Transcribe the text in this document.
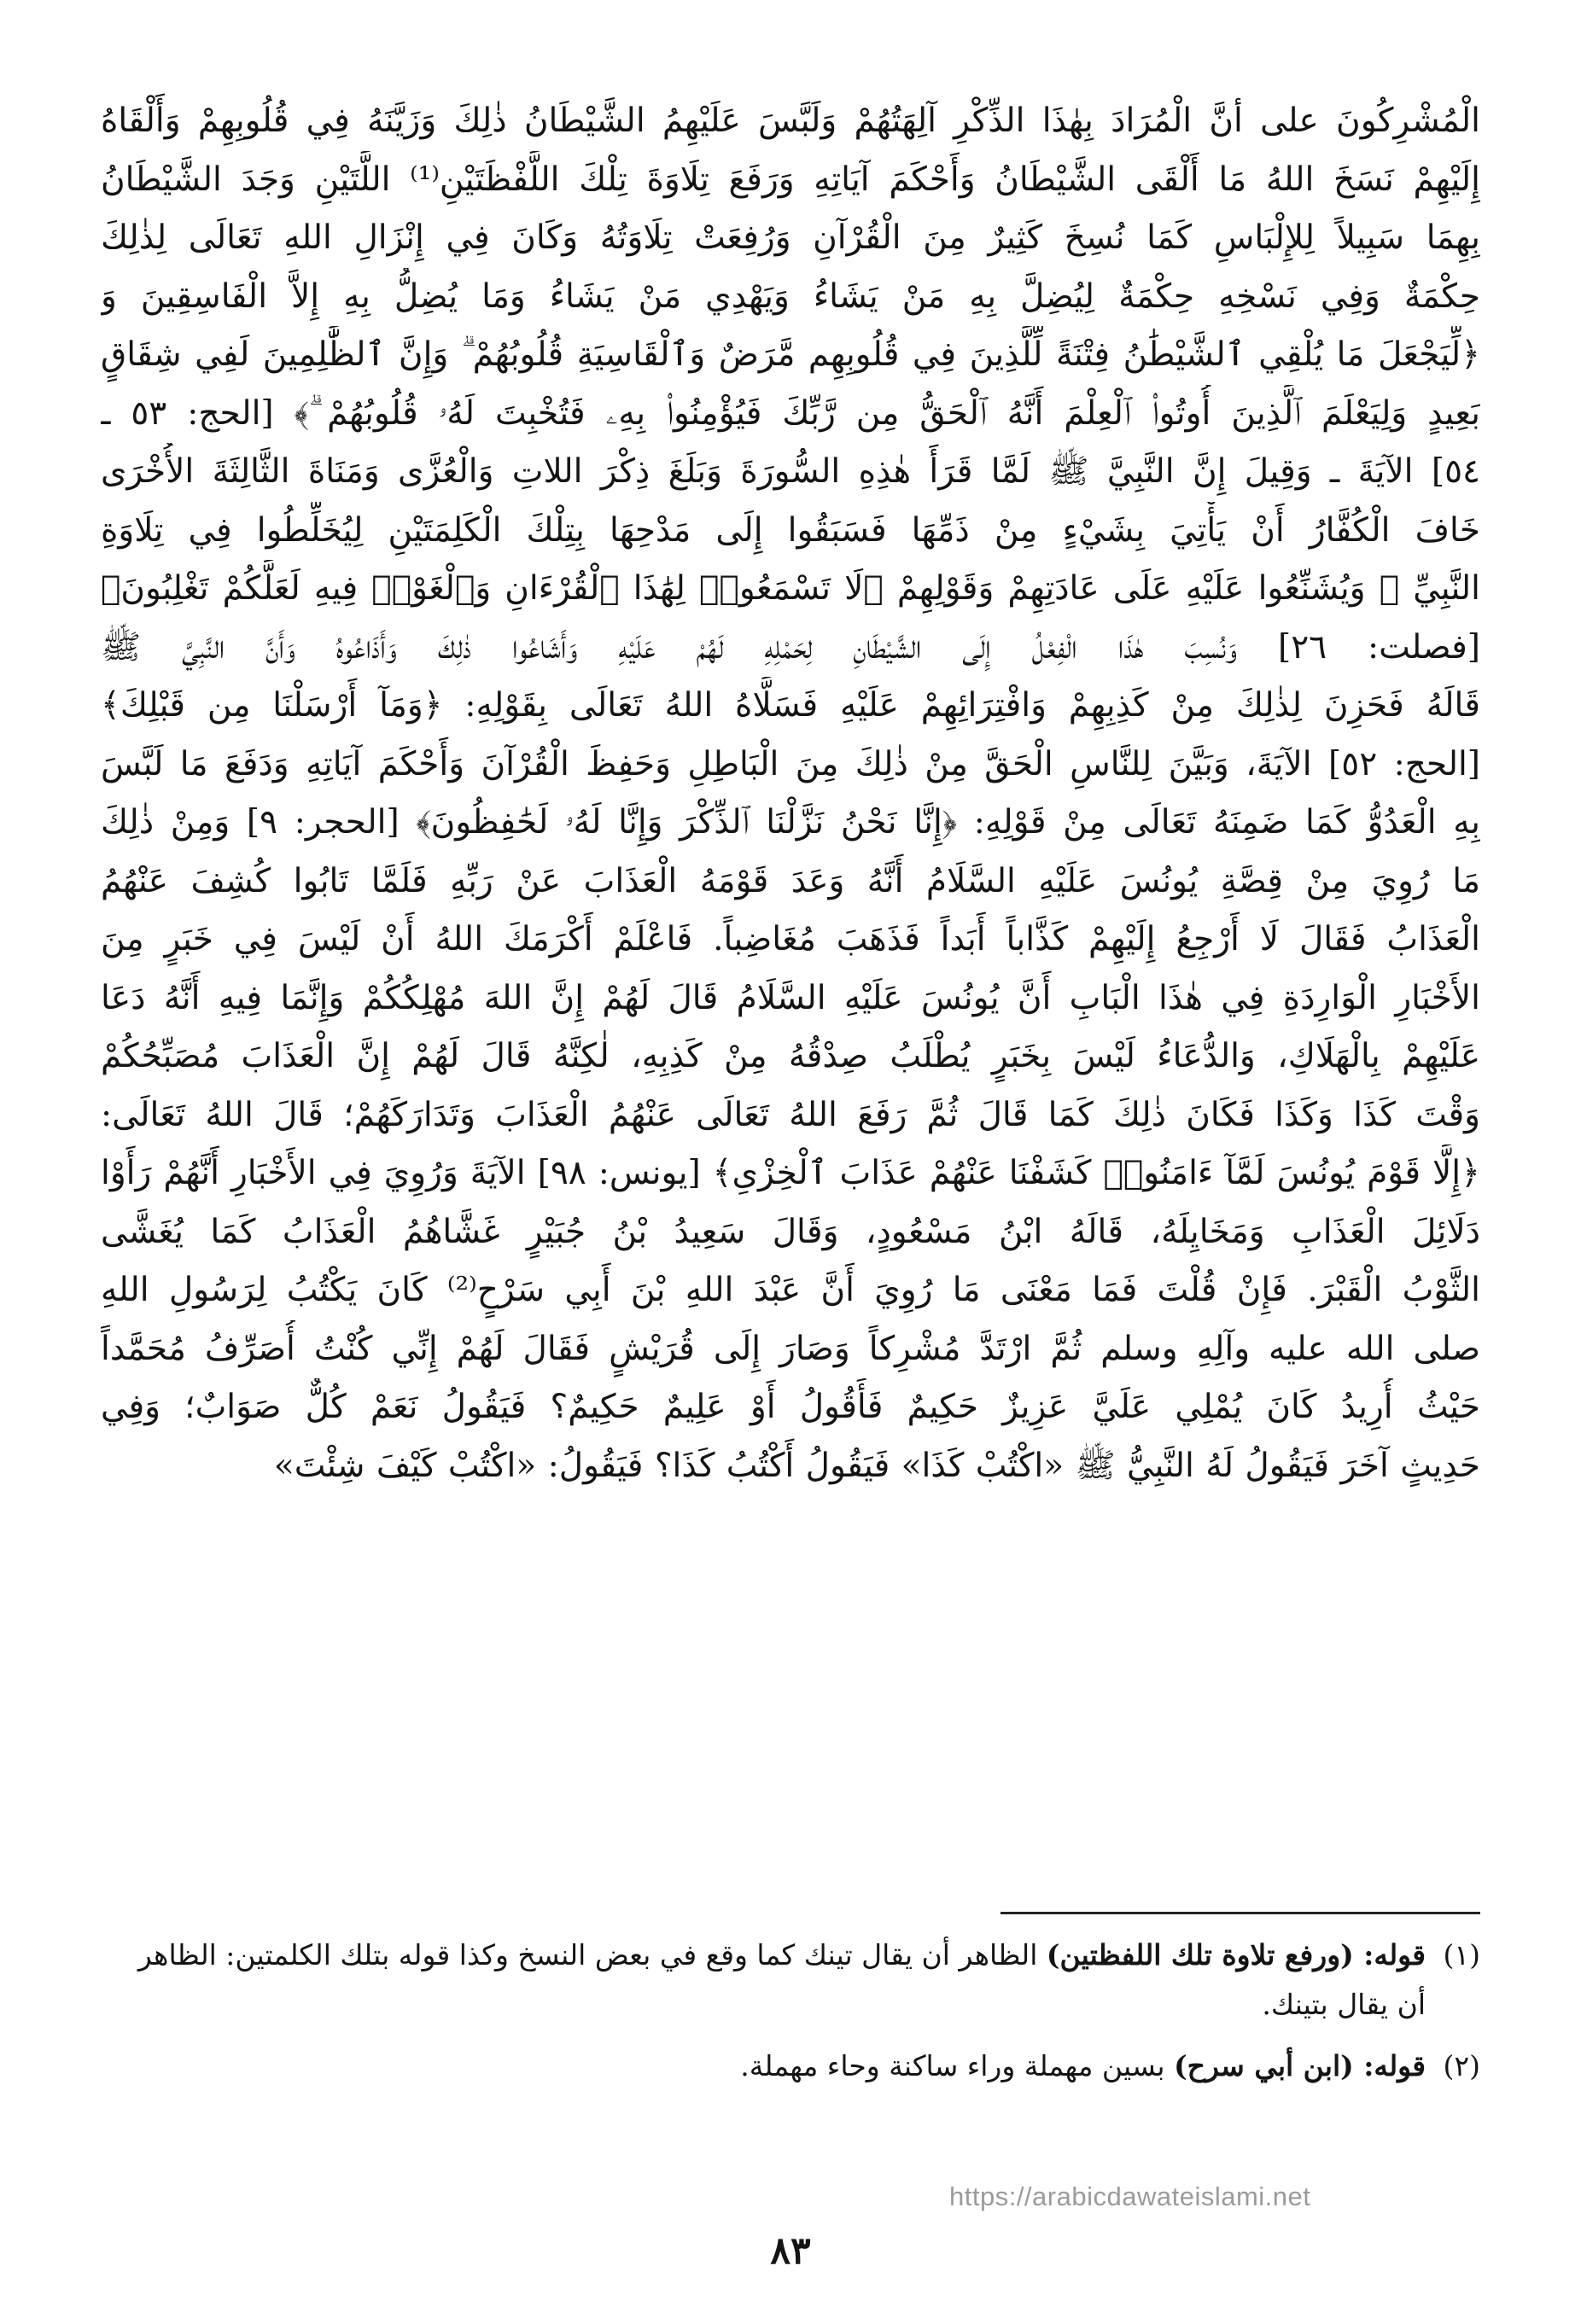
الْمُشْرِكُونَ على أنَّ الْمُرَادَ بِهٰذَا الذِّكْرِ آلِهَتُهُمْ وَلَبَّسَ عَلَيْهِمُ الشَّيْطَانُ ذٰلِكَ وَزَيَّنَهُ فِي قُلُوبِهِمْ وَأَلْقَاهُ
إِلَيْهِمْ نَسَخَ اللهُ مَا أَلْقَى الشَّيْطَانُ وَأَحْكَمَ آيَاتِهِ وَرَفَعَ تِلَاوَةَ تِلْكَ اللَّفْظَتَيْنِ⁽¹⁾ اللَّتَيْنِ وَجَدَ الشَّيْطَانُ
بِهِمَا سَبِيلاً لِلإِلْبَاسِ كَمَا نُسِخَ كَثِيرٌ مِنَ الْقُرْآنِ وَرُفِعَتْ تِلَاوَتُهُ وَكَانَ فِي إِنْزَالِ اللهِ تَعَالَى لِذٰلِكَ
حِكْمَةٌ وَفِي نَسْخِهِ حِكْمَةٌ لِيُضِلَّ بِهِ مَنْ يَشَاءُ وَيَهْدِي مَنْ يَشَاءُ وَمَا يُضِلُّ بِهِ إِلاَّ الْفَاسِقِينَ وَ
﴿لِّيَجْعَلَ مَا يُلْقِي ٱلشَّيْطَٰنُ فِتْنَةً لِّلَّذِينَ فِي قُلُوبِهِم مَّرَضٌ وَٱلْقَاسِيَةِ قُلُوبُهُمْ ۗ وَإِنَّ ٱلظَّٰلِمِينَ لَفِي شِقَاقٍ
بَعِيدٍ وَلِيَعْلَمَ ٱلَّذِينَ أُوتُوا۟ ٱلْعِلْمَ أَنَّهُ ٱلْحَقُّ مِن رَّبِّكَ فَيُؤْمِنُوا۟ بِهِۦ فَتُخْبِتَ لَهُۥ قُلُوبُهُمْ ۗ﴾ [الحج: ٥٣ ـ
٥٤] الآيَةَ ـ وَقِيلَ إِنَّ النَّبِيَّ ﷺ لَمَّا قَرَأَ هٰذِهِ السُّورَةَ وَبَلَغَ ذِكْرَ اللاتِ وَالْعُزَّى وَمَنَاةَ الثَّالِثَةَ الأُخْرَى
خَافَ الْكُفَّارُ أَنْ يَأْتِيَ بِشَيْءٍ مِنْ ذَمِّهَا فَسَبَقُوا إِلَى مَدْحِهَا بِتِلْكَ الْكَلِمَتَيْنِ لِيُخَلِّطُوا فِي تِلَاوَةِ
النَّبِيِّ ﷺ وَيُشَنِّعُوا عَلَيْهِ عَلَى عَادَتِهِمْ وَقَوْلِهِمْ ﴿لَا تَسْمَعُوا۟ لِهَٰذَا ٱلْقُرْءَانِ وَٱلْغَوْا۟ فِيهِ لَعَلَّكُمْ تَغْلِبُونَ﴾
[فصلت: ٢٦] وَنُسِبَ هٰذَا الْفِعْلُ إِلَى الشَّيْطَانِ لِحَمْلِهِ لَهُمْ عَلَيْهِ وَأَشَاعُوا ذٰلِكَ وَأَذَاعُوهُ وَأَنَّ النَّبِيَّ ﷺ
قَالَهُ فَحَزِنَ لِذٰلِكَ مِنْ كَذِبِهِمْ وَافْتِرَائِهِمْ عَلَيْهِ فَسَلَّاهُ اللهُ تَعَالَى بِقَوْلِهِ: ﴿وَمَآ أَرْسَلْنَا مِن قَبْلِكَ﴾
[الحج: ٥٢] الآيَةَ، وَبَيَّنَ لِلنَّاسِ الْحَقَّ مِنْ ذٰلِكَ مِنَ الْبَاطِلِ وَحَفِظَ الْقُرْآنَ وَأَحْكَمَ آيَاتِهِ وَدَفَعَ مَا لَبَّسَ
بِهِ الْعَدُوُّ كَمَا ضَمِنَهُ تَعَالَى مِنْ قَوْلِهِ: ﴿إِنَّا نَحْنُ نَزَّلْنَا ٱلذِّكْرَ وَإِنَّا لَهُۥ لَحَٰفِظُونَ﴾ [الحجر: ٩] وَمِنْ ذٰلِكَ
مَا رُوِيَ مِنْ قِصَّةِ يُونُسَ عَلَيْهِ السَّلَامُ أَنَّهُ وَعَدَ قَوْمَهُ الْعَذَابَ عَنْ رَبِّهِ فَلَمَّا تَابُوا كُشِفَ عَنْهُمُ
الْعَذَابُ فَقَالَ لَا أَرْجِعُ إِلَيْهِمْ كَذَّاباً أَبَداً فَذَهَبَ مُغَاضِباً. فَاعْلَمْ أَكْرَمَكَ اللهُ أَنْ لَيْسَ فِي خَبَرٍ مِنَ
الأَخْبَارِ الْوَارِدَةِ فِي هٰذَا الْبَابِ أَنَّ يُونُسَ عَلَيْهِ السَّلَامُ قَالَ لَهُمْ إِنَّ اللهَ مُهْلِكُكُمْ وَإِنَّمَا فِيهِ أَنَّهُ دَعَا
عَلَيْهِمْ بِالْهَلَاكِ، وَالدُّعَاءُ لَيْسَ بِخَبَرٍ يُطْلَبُ صِدْقُهُ مِنْ كَذِبِهِ، لٰكِنَّهُ قَالَ لَهُمْ إِنَّ الْعَذَابَ مُصَبِّحُكُمْ
وَقْتَ كَذَا وَكَذَا فَكَانَ ذٰلِكَ كَمَا قَالَ ثُمَّ رَفَعَ اللهُ تَعَالَى عَنْهُمُ الْعَذَابَ وَتَدَارَكَهُمْ؛ قَالَ اللهُ تَعَالَى:
﴿إِلَّا قَوْمَ يُونُسَ لَمَّآ ءَامَنُوا۟ كَشَفْنَا عَنْهُمْ عَذَابَ ٱلْخِزْىِ﴾ [يونس: ٩٨] الآيَةَ وَرُوِيَ فِي الأَخْبَارِ أَنَّهُمْ رَأَوْا
دَلَائِلَ الْعَذَابِ وَمَخَايِلَهُ، قَالَهُ ابْنُ مَسْعُودٍ، وَقَالَ سَعِيدُ بْنُ جُبَيْرٍ غَشَّاهُمُ الْعَذَابُ كَمَا يُغَشَّى
الثَّوْبُ الْقَبْرَ. فَإِنْ قُلْتَ فَمَا مَعْنَى مَا رُوِيَ أَنَّ عَبْدَ اللهِ بْنَ أَبِي سَرْحٍ⁽²⁾ كَانَ يَكْتُبُ لِرَسُولِ اللهِ
صلى الله عليه وآلِهِ وسلم ثُمَّ ارْتَدَّ مُشْرِكاً وَصَارَ إِلَى قُرَيْشٍ فَقَالَ لَهُمْ إِنِّي كُنْتُ أُصَرِّفُ مُحَمَّداً
حَيْثُ أُرِيدُ كَانَ يُمْلِي عَلَيَّ عَزِيزٌ حَكِيمٌ فَأَقُولُ أَوْ عَلِيمٌ حَكِيمٌ؟ فَيَقُولُ نَعَمْ كُلٌّ صَوَابٌ؛ وَفِي
حَدِيثٍ آخَرَ فَيَقُولُ لَهُ النَّبِيُّ ﷺ «اكْتُبْ كَذَا» فَيَقُولُ أَكْتُبُ كَذَا؟ فَيَقُولُ: «اكْتُبْ كَيْفَ شِئْتَ»
(١)
قوله: (ورفع تلاوة تلك اللفظتين) الظاهر أن يقال تينك كما وقع في بعض النسخ وكذا قوله بتلك الكلمتين: الظاهر أن يقال بتينك.
(٢)
قوله: (ابن أبي سرح) بسين مهملة وراء ساكنة وحاء مهملة.
https://arabicdawateislami.net
٨٣
